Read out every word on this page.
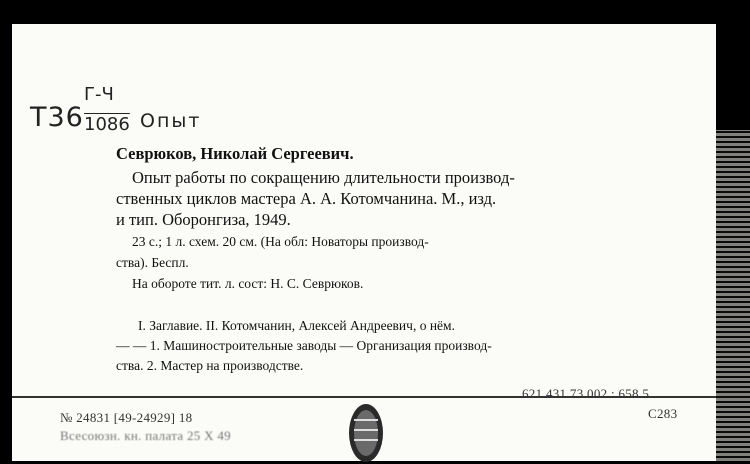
Т36
Г-Ч
1086 Опыт
Севрюков, Николай Сергеевич.
Опыт работы по сокращению длительности производ-
ственных циклов мастера А. А. Котомчанина. М., изд.
и тип. Оборонгиза, 1949.
23 с.; 1 л. схем. 20 см. (На обл: Новаторы производ-
ства). Беспл.
На обороте тит. л. сост: Н. С. Севрюков.
I. Заглавие. II. Котомчанин, Алексей Андреевич, о нём.
— — 1. Машиностроительные заводы — Организация производ-
ства. 2. Мастер на производстве.
№ 24831 [49-24929] 18
Всесоюзн. кн. палата 25 X 49
621.431.73.002 : 658.5
С283
